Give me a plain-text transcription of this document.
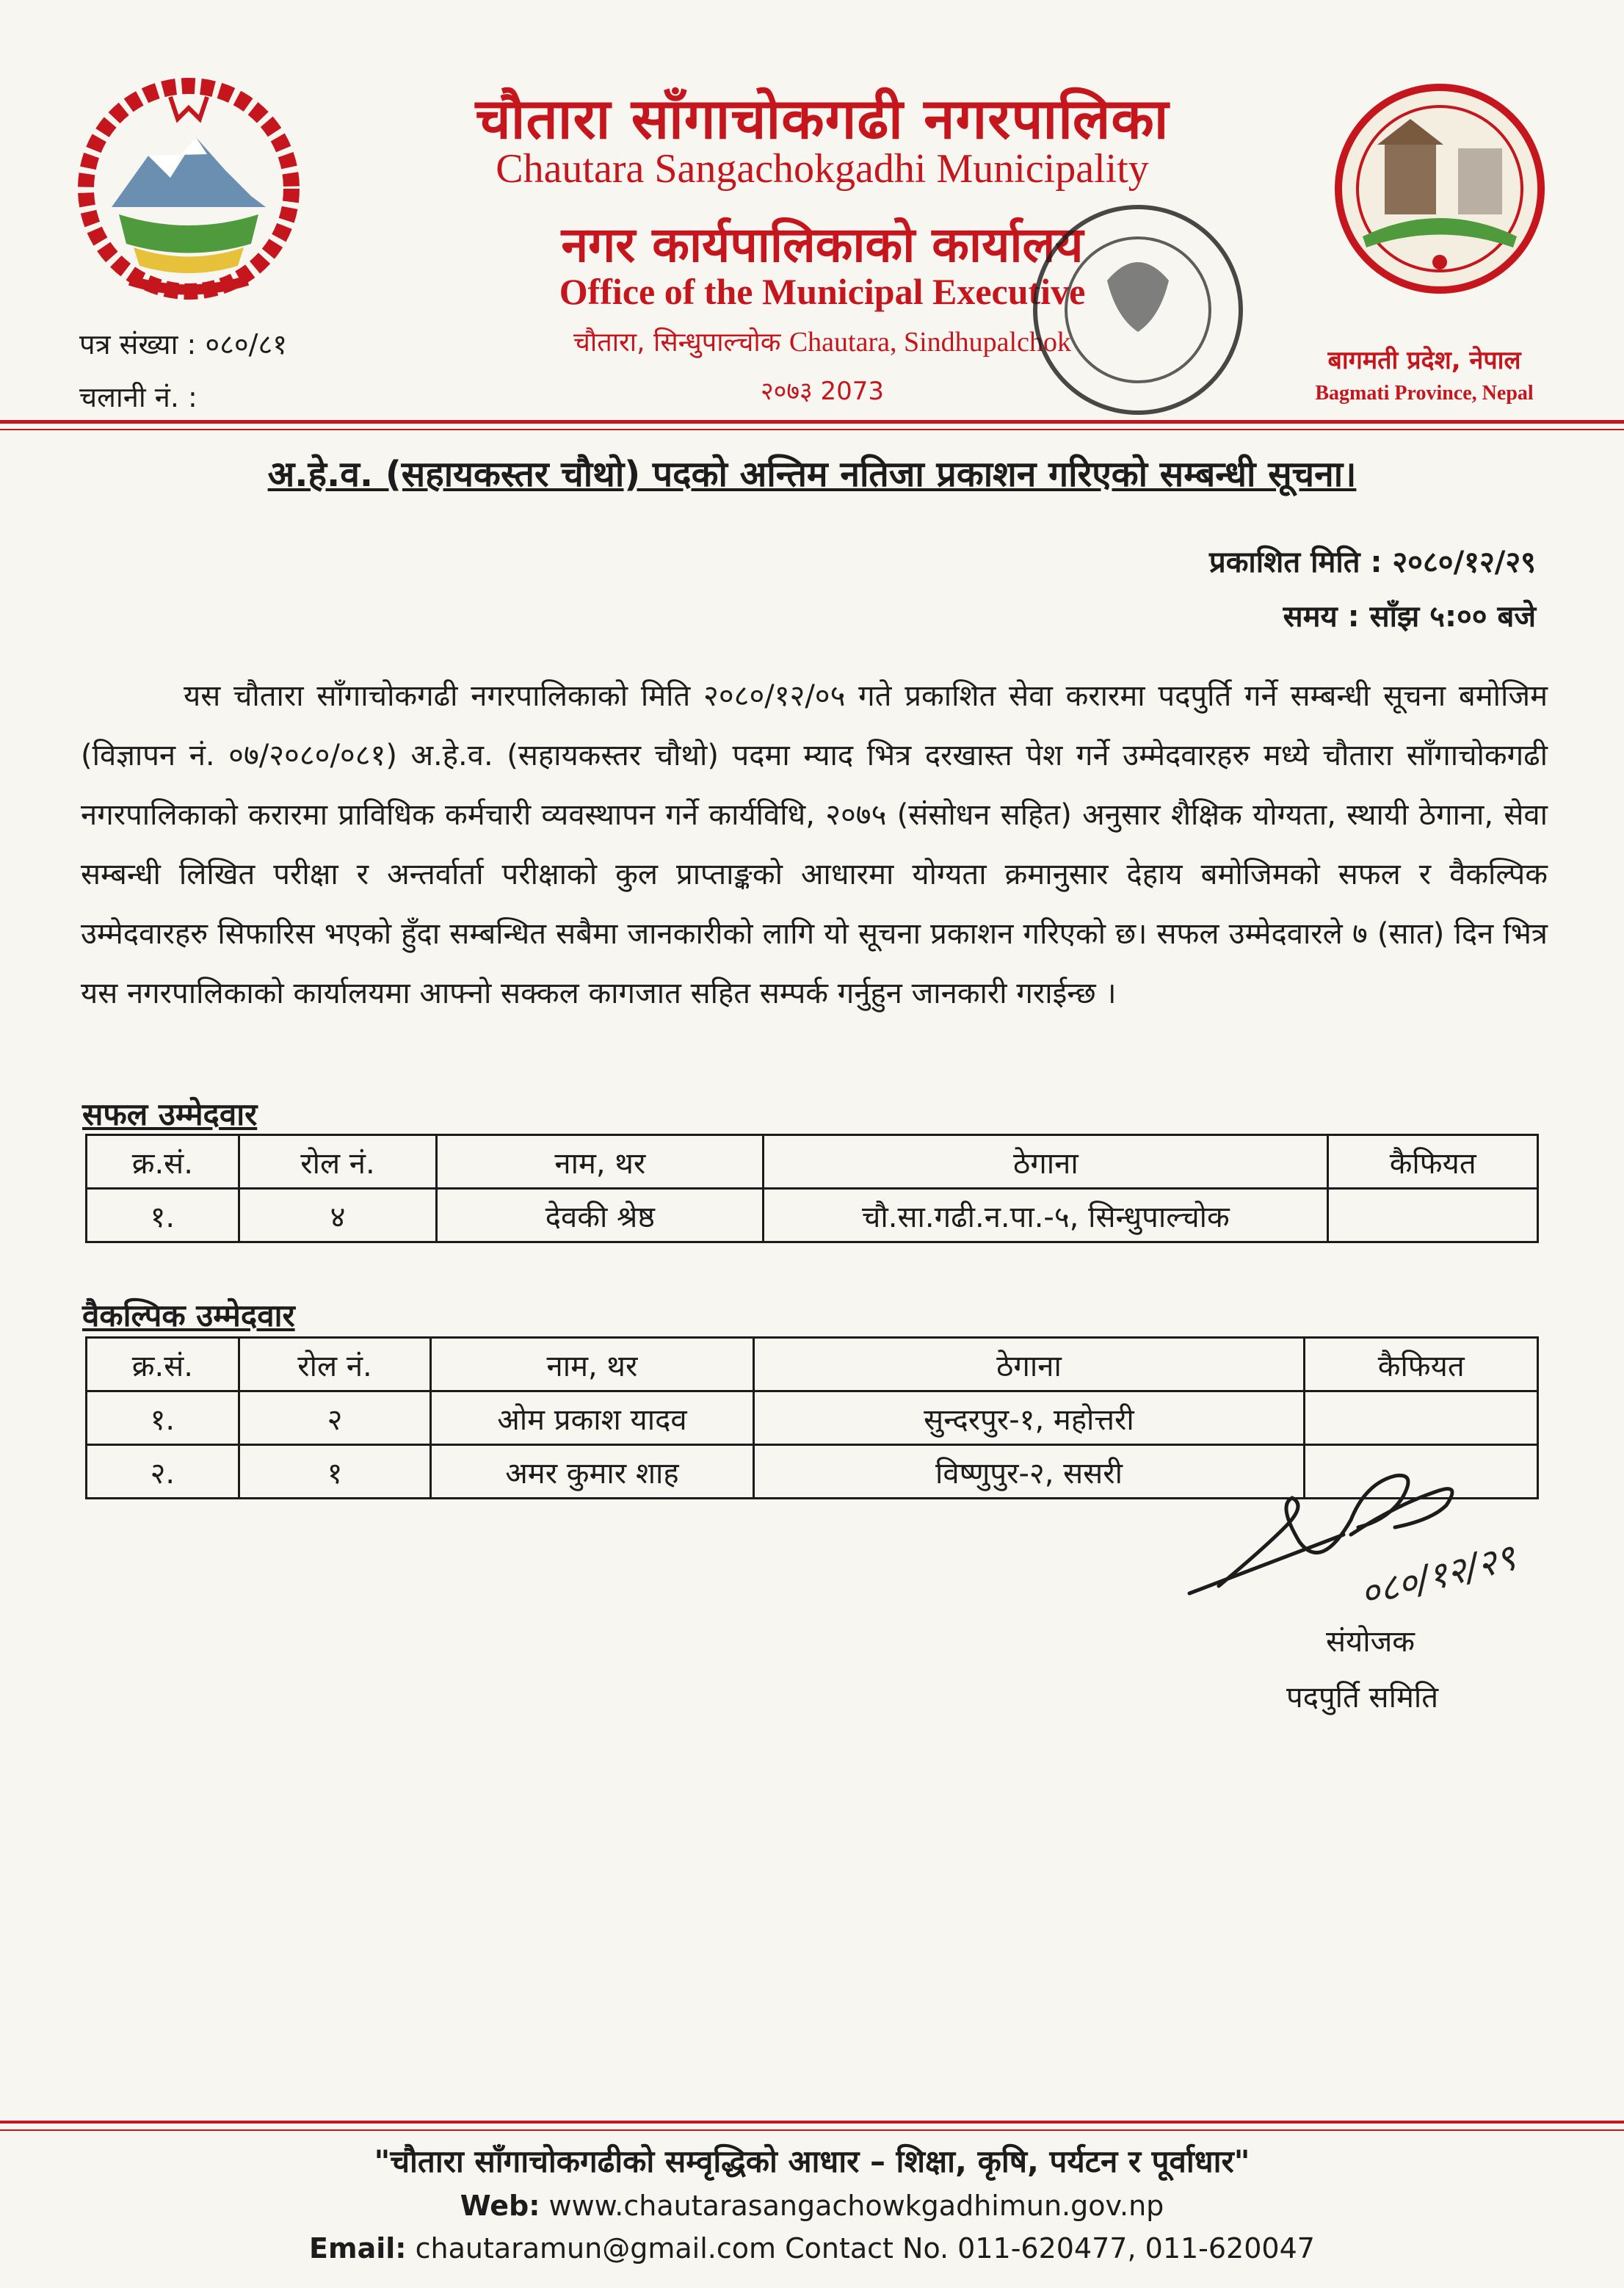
चौतारा साँगाचोकगढी नगरपालिका
Chautara Sangachokgadhi Municipality
नगर कार्यपालिकाको कार्यालय
Office of the Municipal Executive
चौतारा, सिन्धुपाल्चोक Chautara, Sindhupalchok
२०७३ 2073
पत्र संख्या : ०८०/८१
चलानी नं. :
बागमती प्रदेश, नेपाल
Bagmati Province, Nepal
अ.हे.व. (सहायकस्तर चौथो) पदको अन्तिम नतिजा प्रकाशन गरिएको सम्बन्धी सूचना।
प्रकाशित मिति : २०८०/१२/२९
समय : साँझ ५:०० बजे
यस चौतारा साँगाचोकगढी नगरपालिकाको मिति २०८०/१२/०५ गते प्रकाशित सेवा करारमा पदपुर्ति गर्ने सम्बन्धी सूचना बमोजिम (विज्ञापन नं. ०७/२०८०/०८१) अ.हे.व. (सहायकस्तर चौथो) पदमा म्याद भित्र दरखास्त पेश गर्ने उम्मेदवारहरु मध्ये चौतारा साँगाचोकगढी नगरपालिकाको करारमा प्राविधिक कर्मचारी व्यवस्थापन गर्ने कार्यविधि, २०७५ (संसोधन सहित) अनुसार शैक्षिक योग्यता, स्थायी ठेगाना, सेवा सम्बन्धी लिखित परीक्षा र अन्तर्वार्ता परीक्षाको कुल प्राप्ताङ्कको आधारमा योग्यता क्रमानुसार देहाय बमोजिमको सफल र वैकल्पिक उम्मेदवारहरु सिफारिस भएको हुँदा सम्बन्धित सबैमा जानकारीको लागि यो सूचना प्रकाशन गरिएको छ। सफल उम्मेदवारले ७ (सात) दिन भित्र यस नगरपालिकाको कार्यालयमा आफ्नो सक्कल कागजात सहित सम्पर्क गर्नुहुन जानकारी गराईन्छ ।
सफल उम्मेदवार
क्र.सं.	रोल नं.	नाम, थर	ठेगाना	कैफियत
१.	४	देवकी श्रेष्ठ	चौ.सा.गढी.न.पा.-५, सिन्धुपाल्चोक	
वैकल्पिक उम्मेदवार
क्र.सं.	रोल नं.	नाम, थर	ठेगाना	कैफियत
१.	२	ओम प्रकाश यादव	सुन्दरपुर-१, महोत्तरी	
२.	१	अमर कुमार शाह	विष्णुपुर-२, ससरी	
०८०/१२/२९
संयोजक
पदपुर्ति समिति
"चौतारा साँगाचोकगढीको सम्वृद्धिको आधार – शिक्षा, कृषि, पर्यटन र पूर्वाधार"
Web: www.chautarasangachowkgadhimun.gov.np
Email: chautaramun@gmail.com Contact No. 011-620477, 011-620047
